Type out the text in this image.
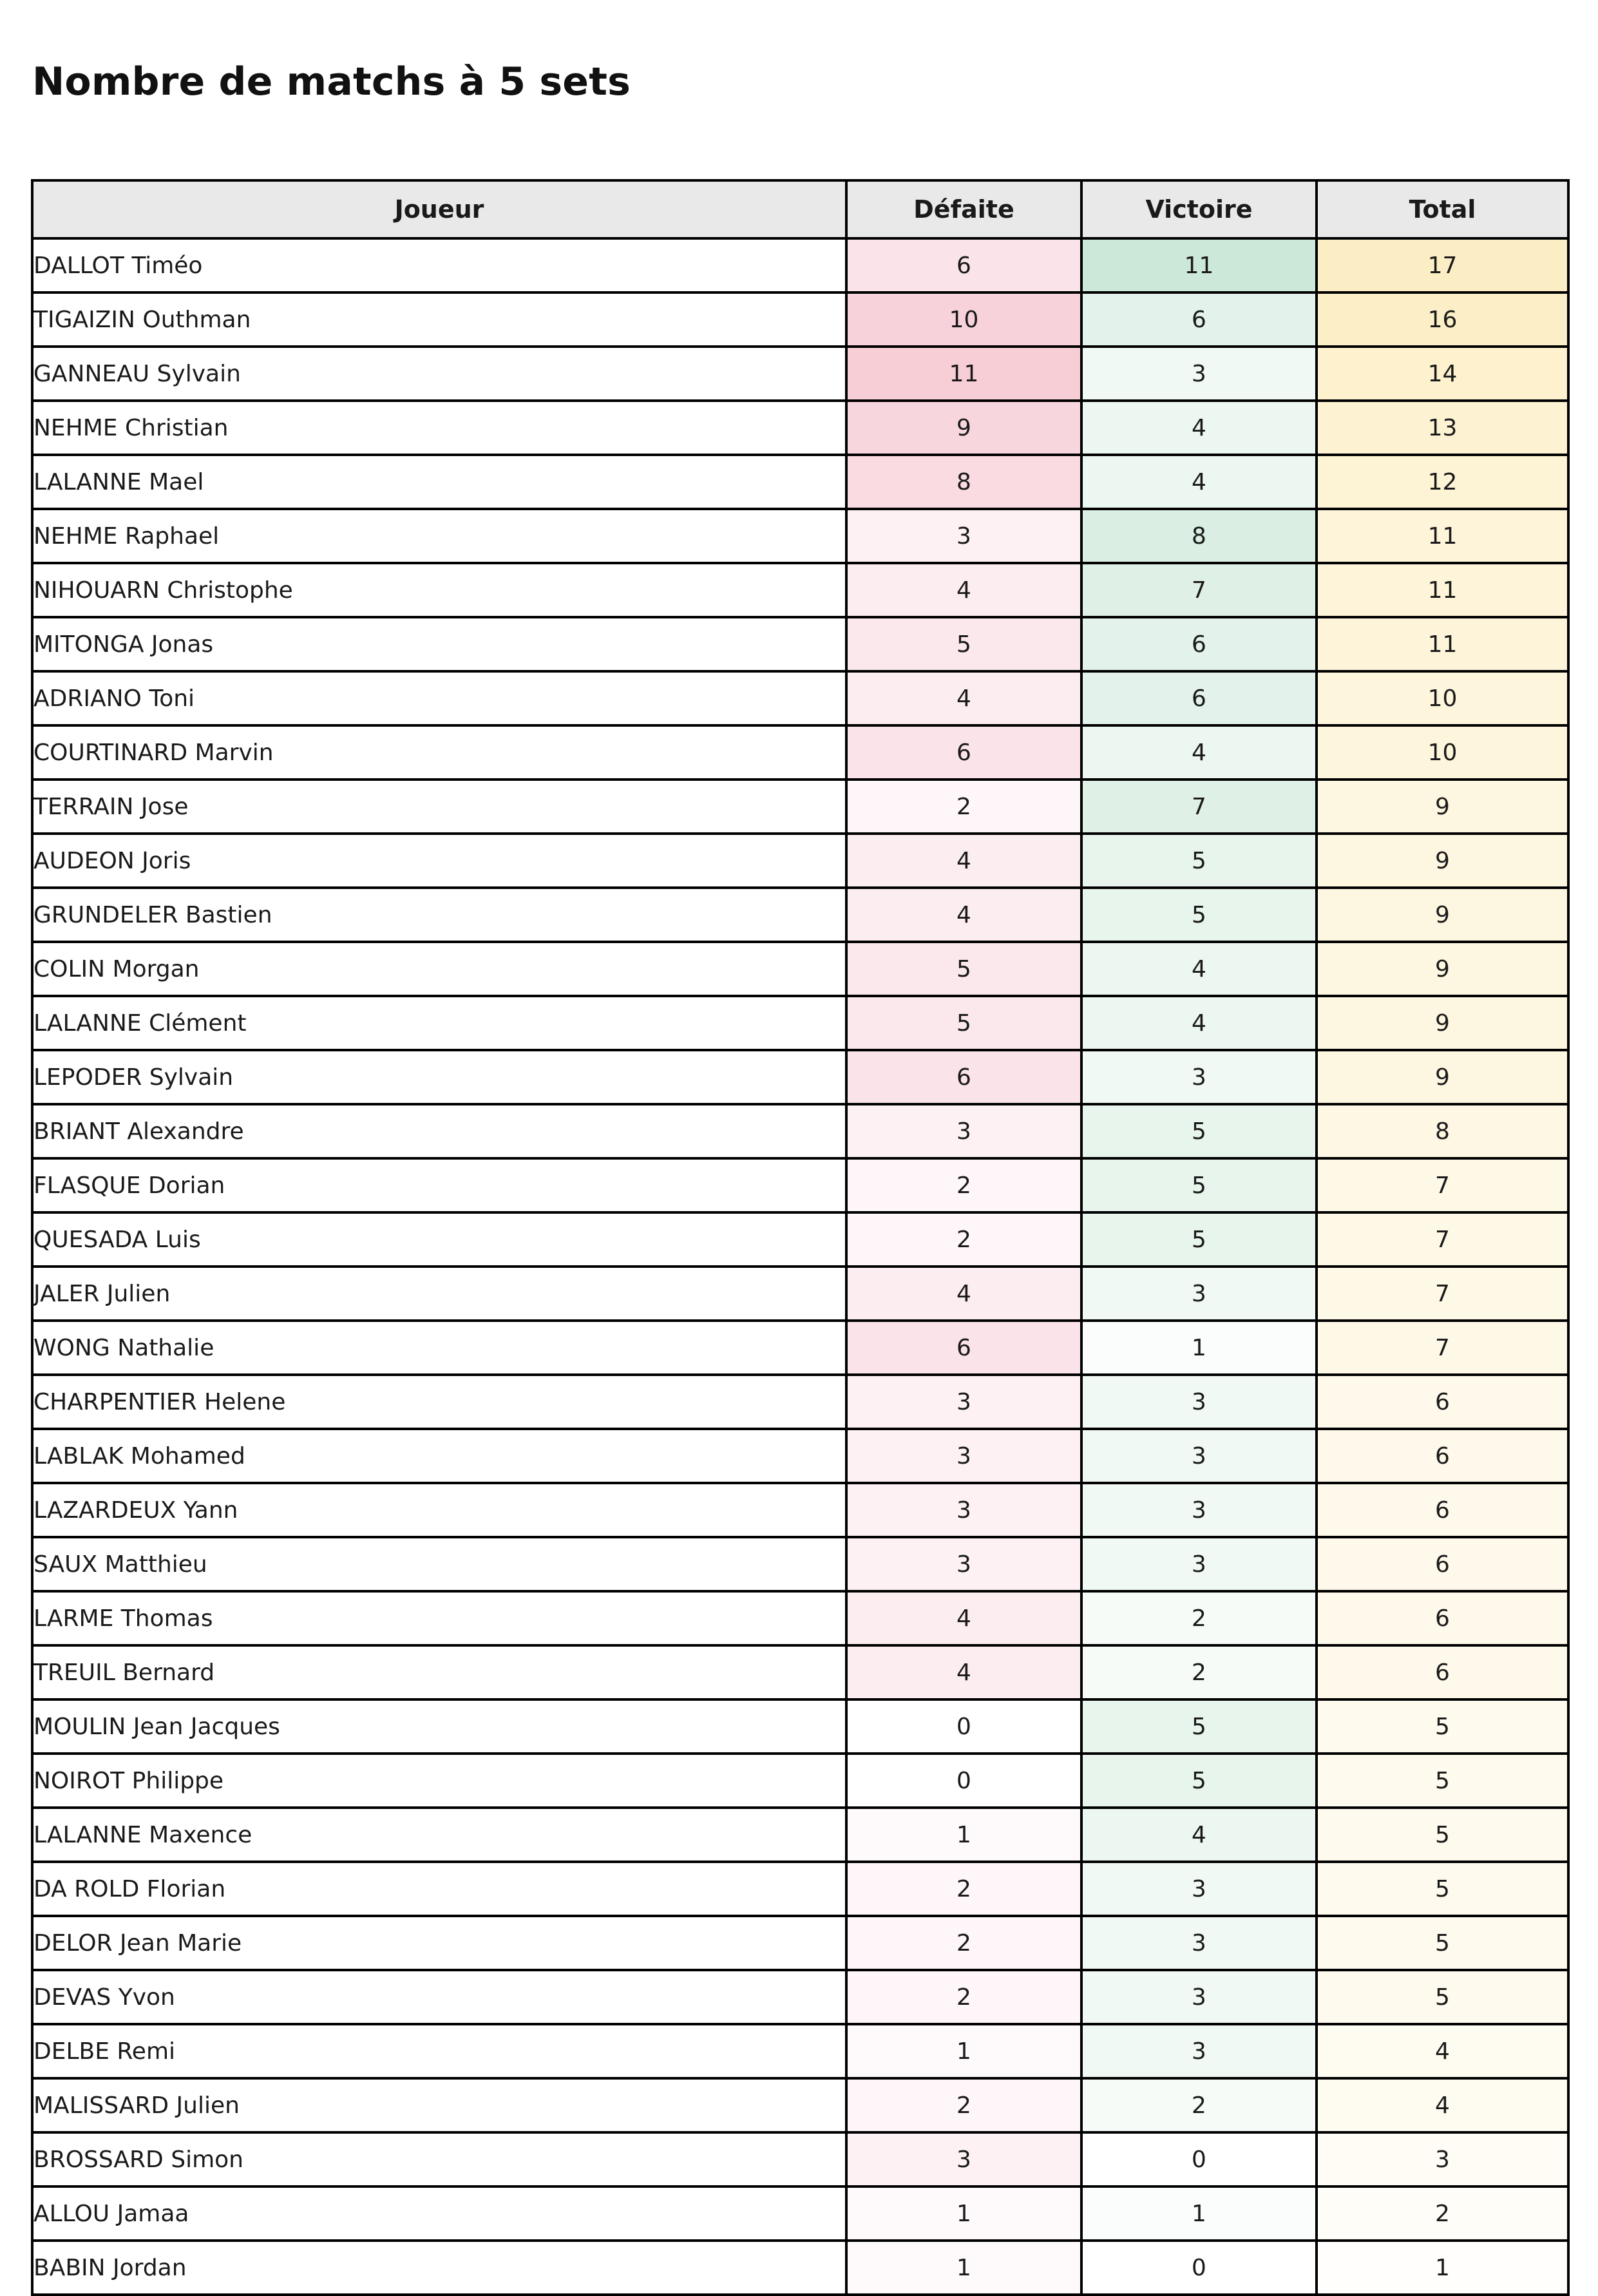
Nombre de matchs à 5 sets
Joueur	Défaite	Victoire	Total
DALLOT Timéo	6	11	17
TIGAIZIN Outhman	10	6	16
GANNEAU Sylvain	11	3	14
NEHME Christian	9	4	13
LALANNE Mael	8	4	12
NEHME Raphael	3	8	11
NIHOUARN Christophe	4	7	11
MITONGA Jonas	5	6	11
ADRIANO Toni	4	6	10
COURTINARD Marvin	6	4	10
TERRAIN Jose	2	7	9
AUDEON Joris	4	5	9
GRUNDELER Bastien	4	5	9
COLIN Morgan	5	4	9
LALANNE Clément	5	4	9
LEPODER Sylvain	6	3	9
BRIANT Alexandre	3	5	8
FLASQUE Dorian	2	5	7
QUESADA Luis	2	5	7
JALER Julien	4	3	7
WONG Nathalie	6	1	7
CHARPENTIER Helene	3	3	6
LABLAK Mohamed	3	3	6
LAZARDEUX Yann	3	3	6
SAUX Matthieu	3	3	6
LARME Thomas	4	2	6
TREUIL Bernard	4	2	6
MOULIN Jean Jacques	0	5	5
NOIROT Philippe	0	5	5
LALANNE Maxence	1	4	5
DA ROLD Florian	2	3	5
DELOR Jean Marie	2	3	5
DEVAS Yvon	2	3	5
DELBE Remi	1	3	4
MALISSARD Julien	2	2	4
BROSSARD Simon	3	0	3
ALLOU Jamaa	1	1	2
BABIN Jordan	1	0	1
